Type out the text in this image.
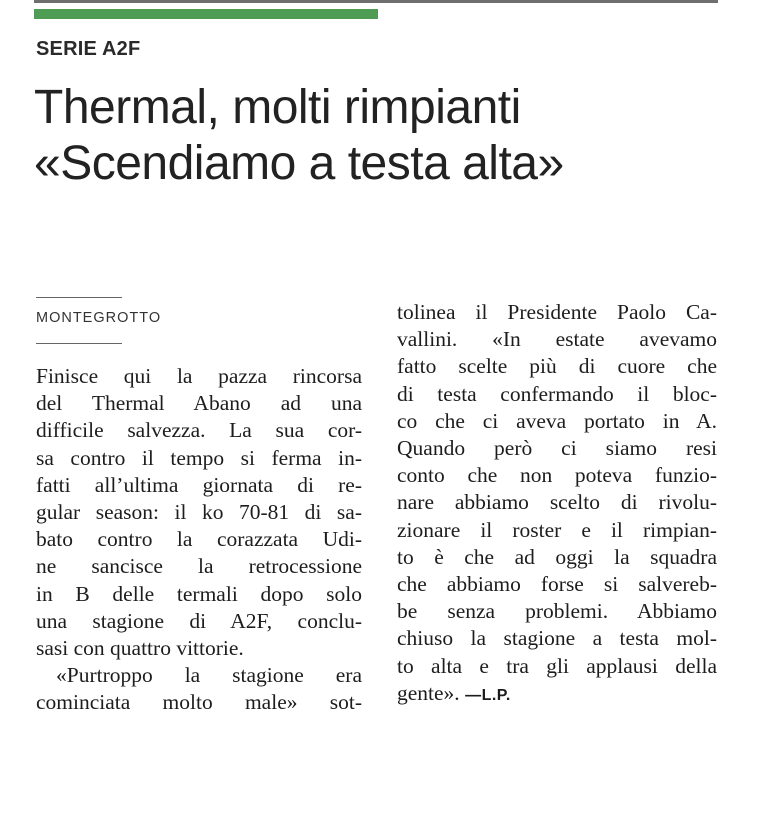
SERIE A2F
Thermal, molti rimpianti
«Scendiamo a testa alta»
MONTEGROTTO
Finisce qui la pazza rincorsa
del Thermal Abano ad una
difficile salvezza. La sua cor-
sa contro il tempo si ferma in-
fatti all’ultima giornata di re-
gular season: il ko 70-81 di sa-
bato contro la corazzata Udi-
ne sancisce la retrocessione
in B delle termali dopo solo
una stagione di A2F, conclu-
sasi con quattro vittorie.
«Purtroppo la stagione era
cominciata molto male» sot-
tolinea il Presidente Paolo Ca-
vallini. «In estate avevamo
fatto scelte più di cuore che
di testa confermando il bloc-
co che ci aveva portato in A.
Quando però ci siamo resi
conto che non poteva funzio-
nare abbiamo scelto di rivolu-
zionare il roster e il rimpian-
to è che ad oggi la squadra
che abbiamo forse si salvereb-
be senza problemi. Abbiamo
chiuso la stagione a testa mol-
to alta e tra gli applausi della
gente». —L.P.
